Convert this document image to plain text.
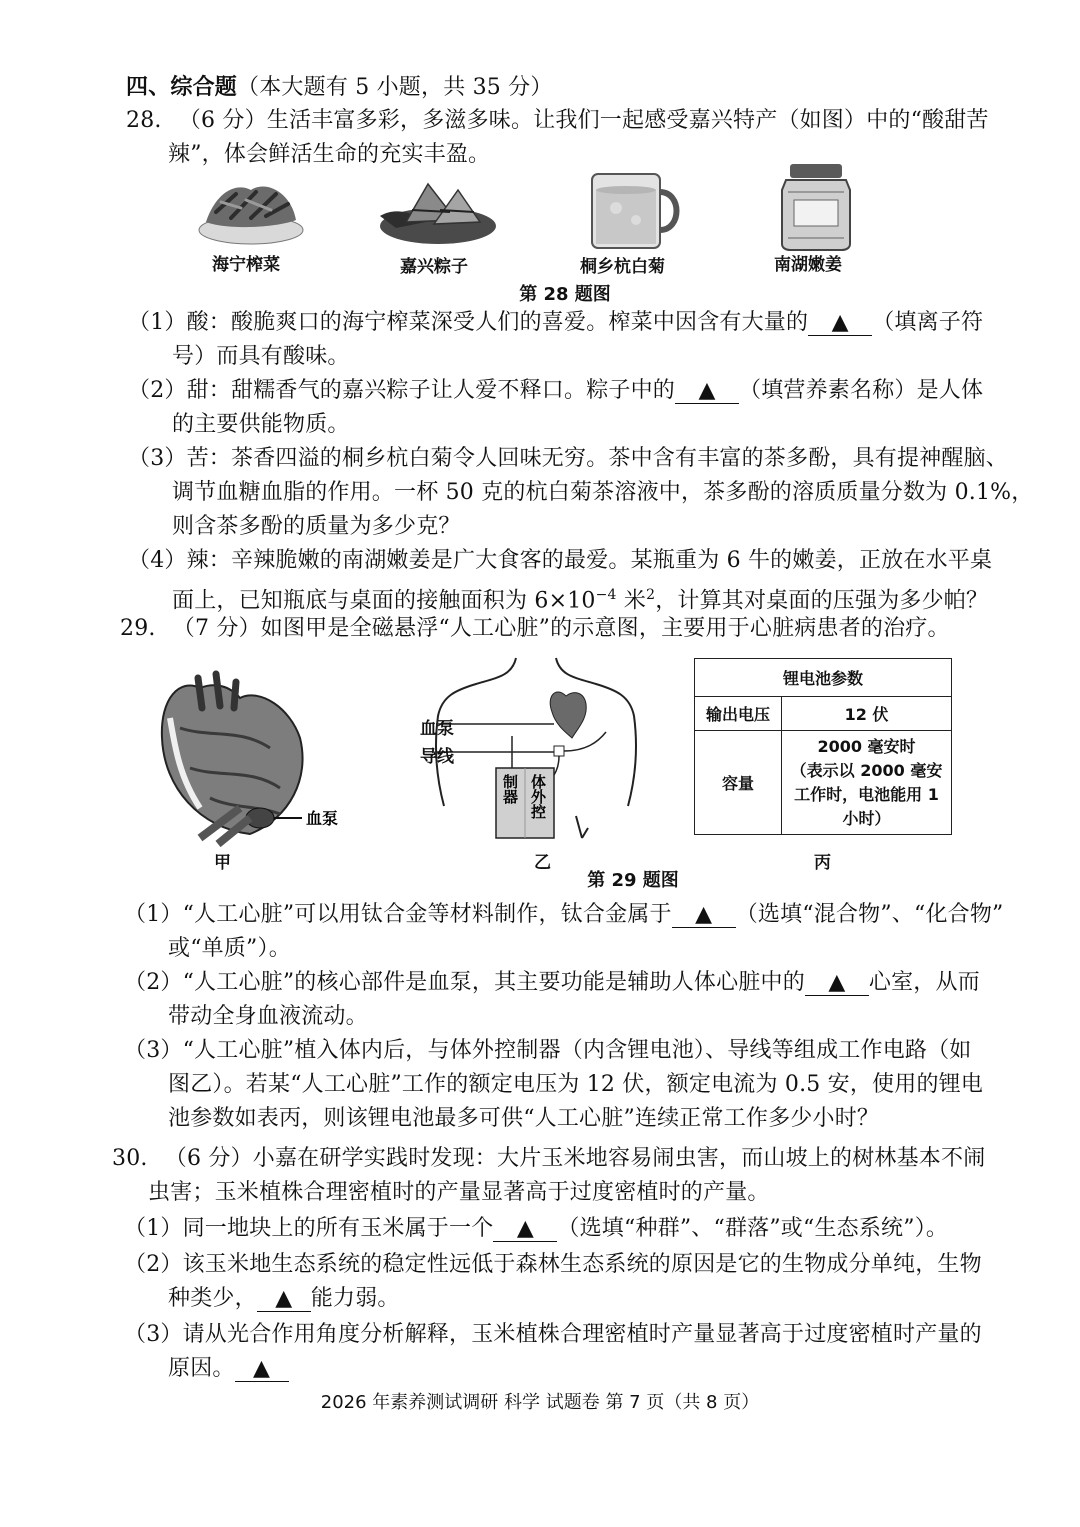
四、综合题（本大题有 5 小题，共 35 分）
28. （6 分）生活丰富多彩，多滋多味。让我们一起感受嘉兴特产（如图）中的“酸甜苦
辣”，体会鲜活生命的充实丰盈。
海宁榨菜	嘉兴粽子	桐乡杭白菊	南湖嫩姜
第 28 题图
（1）酸：酸脆爽口的海宁榨菜深受人们的喜爱。榨菜中因含有大量的 ▲ （填离子符
号）而具有酸味。
（2）甜：甜糯香气的嘉兴粽子让人爱不释口。粽子中的 ▲ （填营养素名称）是人体
的主要供能物质。
（3）苦：茶香四溢的桐乡杭白菊令人回味无穷。茶中含有丰富的茶多酚，具有提神醒脑、
调节血糖血脂的作用。一杯 50 克的杭白菊茶溶液中，茶多酚的溶质质量分数为 0.1%，
则含茶多酚的质量为多少克？
（4）辣：辛辣脆嫩的南湖嫩姜是广大食客的最爱。某瓶重为 6 牛的嫩姜，正放在水平桌
面上，已知瓶底与桌面的接触面积为 $6\times 10^{-4}$ 米$^2$，计算其对桌面的压强为多少帕？
29. （7 分）如图甲是全磁悬浮“人工心脏”的示意图，主要用于心脏病患者的治疗。
血泵
甲
制器 体外控
血泵
导线
乙
锂电池参数	
输出电压	12 伏
容量	2000 毫安时
（表示以 2000 毫安
工作时，电池能用 1
小时）
丙
第 29 题图
（1）“人工心脏”可以用钛合金等材料制作，钛合金属于 ▲ （选填“混合物”、“化合物”
或“单质”）。
（2）“人工心脏”的核心部件是血泵，其主要功能是辅助人体心脏中的 ▲ 心室，从而
带动全身血液流动。
（3）“人工心脏”植入体内后，与体外控制器（内含锂电池）、导线等组成工作电路（如
图乙）。若某“人工心脏”工作的额定电压为 12 伏，额定电流为 0.5 安，使用的锂电
池参数如表丙，则该锂电池最多可供“人工心脏”连续正常工作多少小时？
30. （6 分）小嘉在研学实践时发现：大片玉米地容易闹虫害，而山坡上的树林基本不闹
虫害；玉米植株合理密植时的产量显著高于过度密植时的产量。
（1）同一地块上的所有玉米属于一个 ▲ （选填“种群”、“群落”或“生态系统”）。
（2）该玉米地生态系统的稳定性远低于森林生态系统的原因是它的生物成分单纯，生物
种类少， ▲ 能力弱。
（3）请从光合作用角度分析解释，玉米植株合理密植时产量显著高于过度密植时产量的
原因。 ▲
2026 年素养测试调研 科学 试题卷 第 7 页（共 8 页）
